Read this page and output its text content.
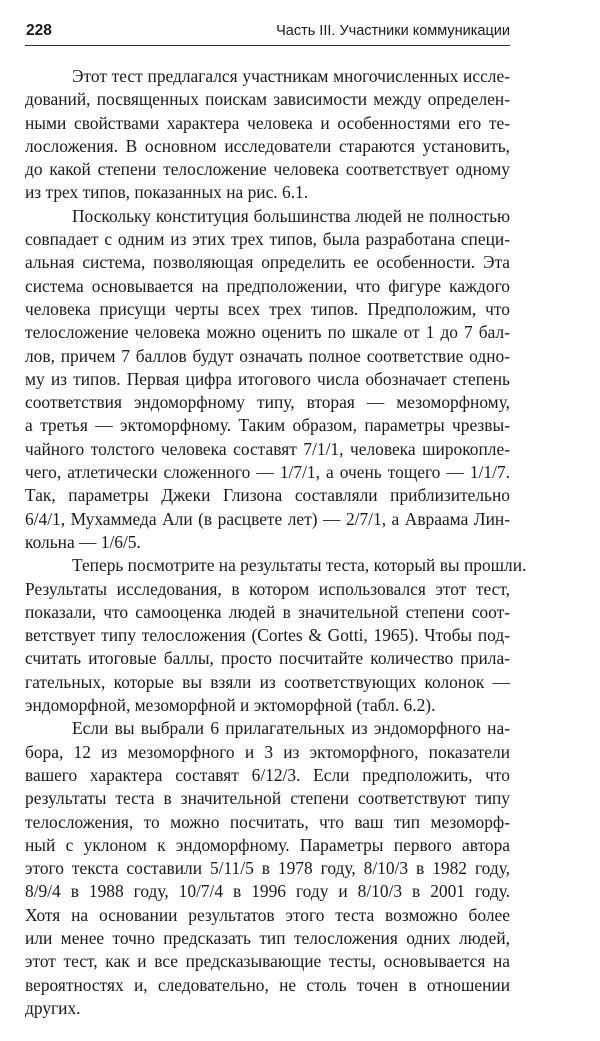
228	Часть III. Участники коммуникации
Этот тест предлагался участникам многочисленных иссле-
дований, посвященных поискам зависимости между определен-
ными свойствами характера человека и особенностями его те-
лосложения. В основном исследователи стараются установить,
до какой степени телосложение человека соответствует одному
из трех типов, показанных на рис. 6.1.
Поскольку конституция большинства людей не полностью
совпадает с одним из этих трех типов, была разработана специ-
альная система, позволяющая определить ее особенности. Эта
система основывается на предположении, что фигуре каждого
человека присущи черты всех трех типов. Предположим, что
телосложение человека можно оценить по шкале от 1 до 7 бал-
лов, причем 7 баллов будут означать полное соответствие одно-
му из типов. Первая цифра итогового числа обозначает степень
соответствия эндоморфному типу, вторая — мезоморфному,
а третья — эктоморфному. Таким образом, параметры чрезвы-
чайного толстого человека составят 7/1/1, человека широкопле-
чего, атлетически сложенного — 1/7/1, а очень тощего — 1/1/7.
Так, параметры Джеки Глизона составляли приблизительно
6/4/1, Мухаммеда Али (в расцвете лет) — 2/7/1, а Авраама Лин-
кольна — 1/6/5.
Теперь посмотрите на результаты теста, который вы прошли.
Результаты исследования, в котором использовался этот тест,
показали, что самооценка людей в значительной степени соот-
ветствует типу телосложения (Cortes & Gotti, 1965). Чтобы под-
считать итоговые баллы, просто посчитайте количество прила-
гательных, которые вы взяли из соответствующих колонок —
эндоморфной, мезоморфной и эктоморфной (табл. 6.2).
Если вы выбрали 6 прилагательных из эндоморфного на-
бора, 12 из мезоморфного и 3 из эктоморфного, показатели
вашего характера составят 6/12/3. Если предположить, что
результаты теста в значительной степени соответствуют типу
телосложения, то можно посчитать, что ваш тип мезоморф-
ный с уклоном к эндоморфному. Параметры первого автора
этого текста составили 5/11/5 в 1978 году, 8/10/3 в 1982 году,
8/9/4 в 1988 году, 10/7/4 в 1996 году и 8/10/3 в 2001 году.
Хотя на основании результатов этого теста возможно более
или менее точно предсказать тип телосложения одних людей,
этот тест, как и все предсказывающие тесты, основывается на
вероятностях и, следовательно, не столь точен в отношении
других.
